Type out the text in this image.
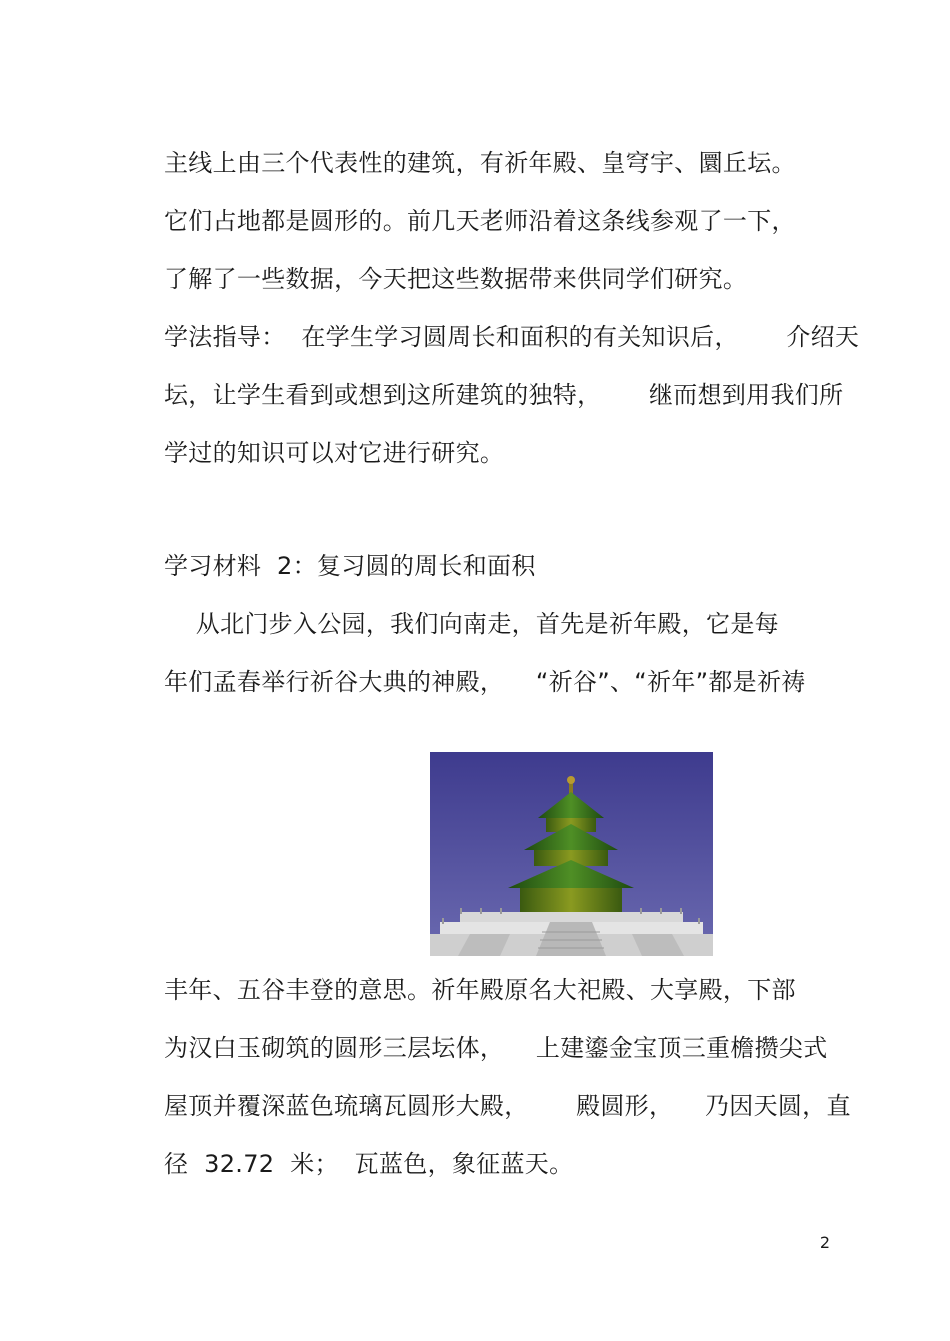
主线上由三个代表性的建筑，有祈年殿、皇穹宇、圜丘坛。
它们占地都是圆形的。前几天老师沿着这条线参观了一下，
了解了一些数据，今天把这些数据带来供同学们研究。
学法指导：  在学生学习圆周长和面积的有关知识后，      介绍天
坛，让学生看到或想到这所建筑的独特，      继而想到用我们所
学过的知识可以对它进行研究。
学习材料  2：复习圆的周长和面积
从北门步入公园，我们向南走，首先是祈年殿，它是每
年们孟春举行祈谷大典的神殿，    “祈谷”、“祈年”都是祈祷
丰年、五谷丰登的意思。祈年殿原名大祀殿、大享殿，下部
为汉白玉砌筑的圆形三层坛体，    上建鎏金宝顶三重檐攒尖式
屋顶并覆深蓝色琉璃瓦圆形大殿，      殿圆形，    乃因天圆，直
径  32.72  米；  瓦蓝色，象征蓝天。
2
